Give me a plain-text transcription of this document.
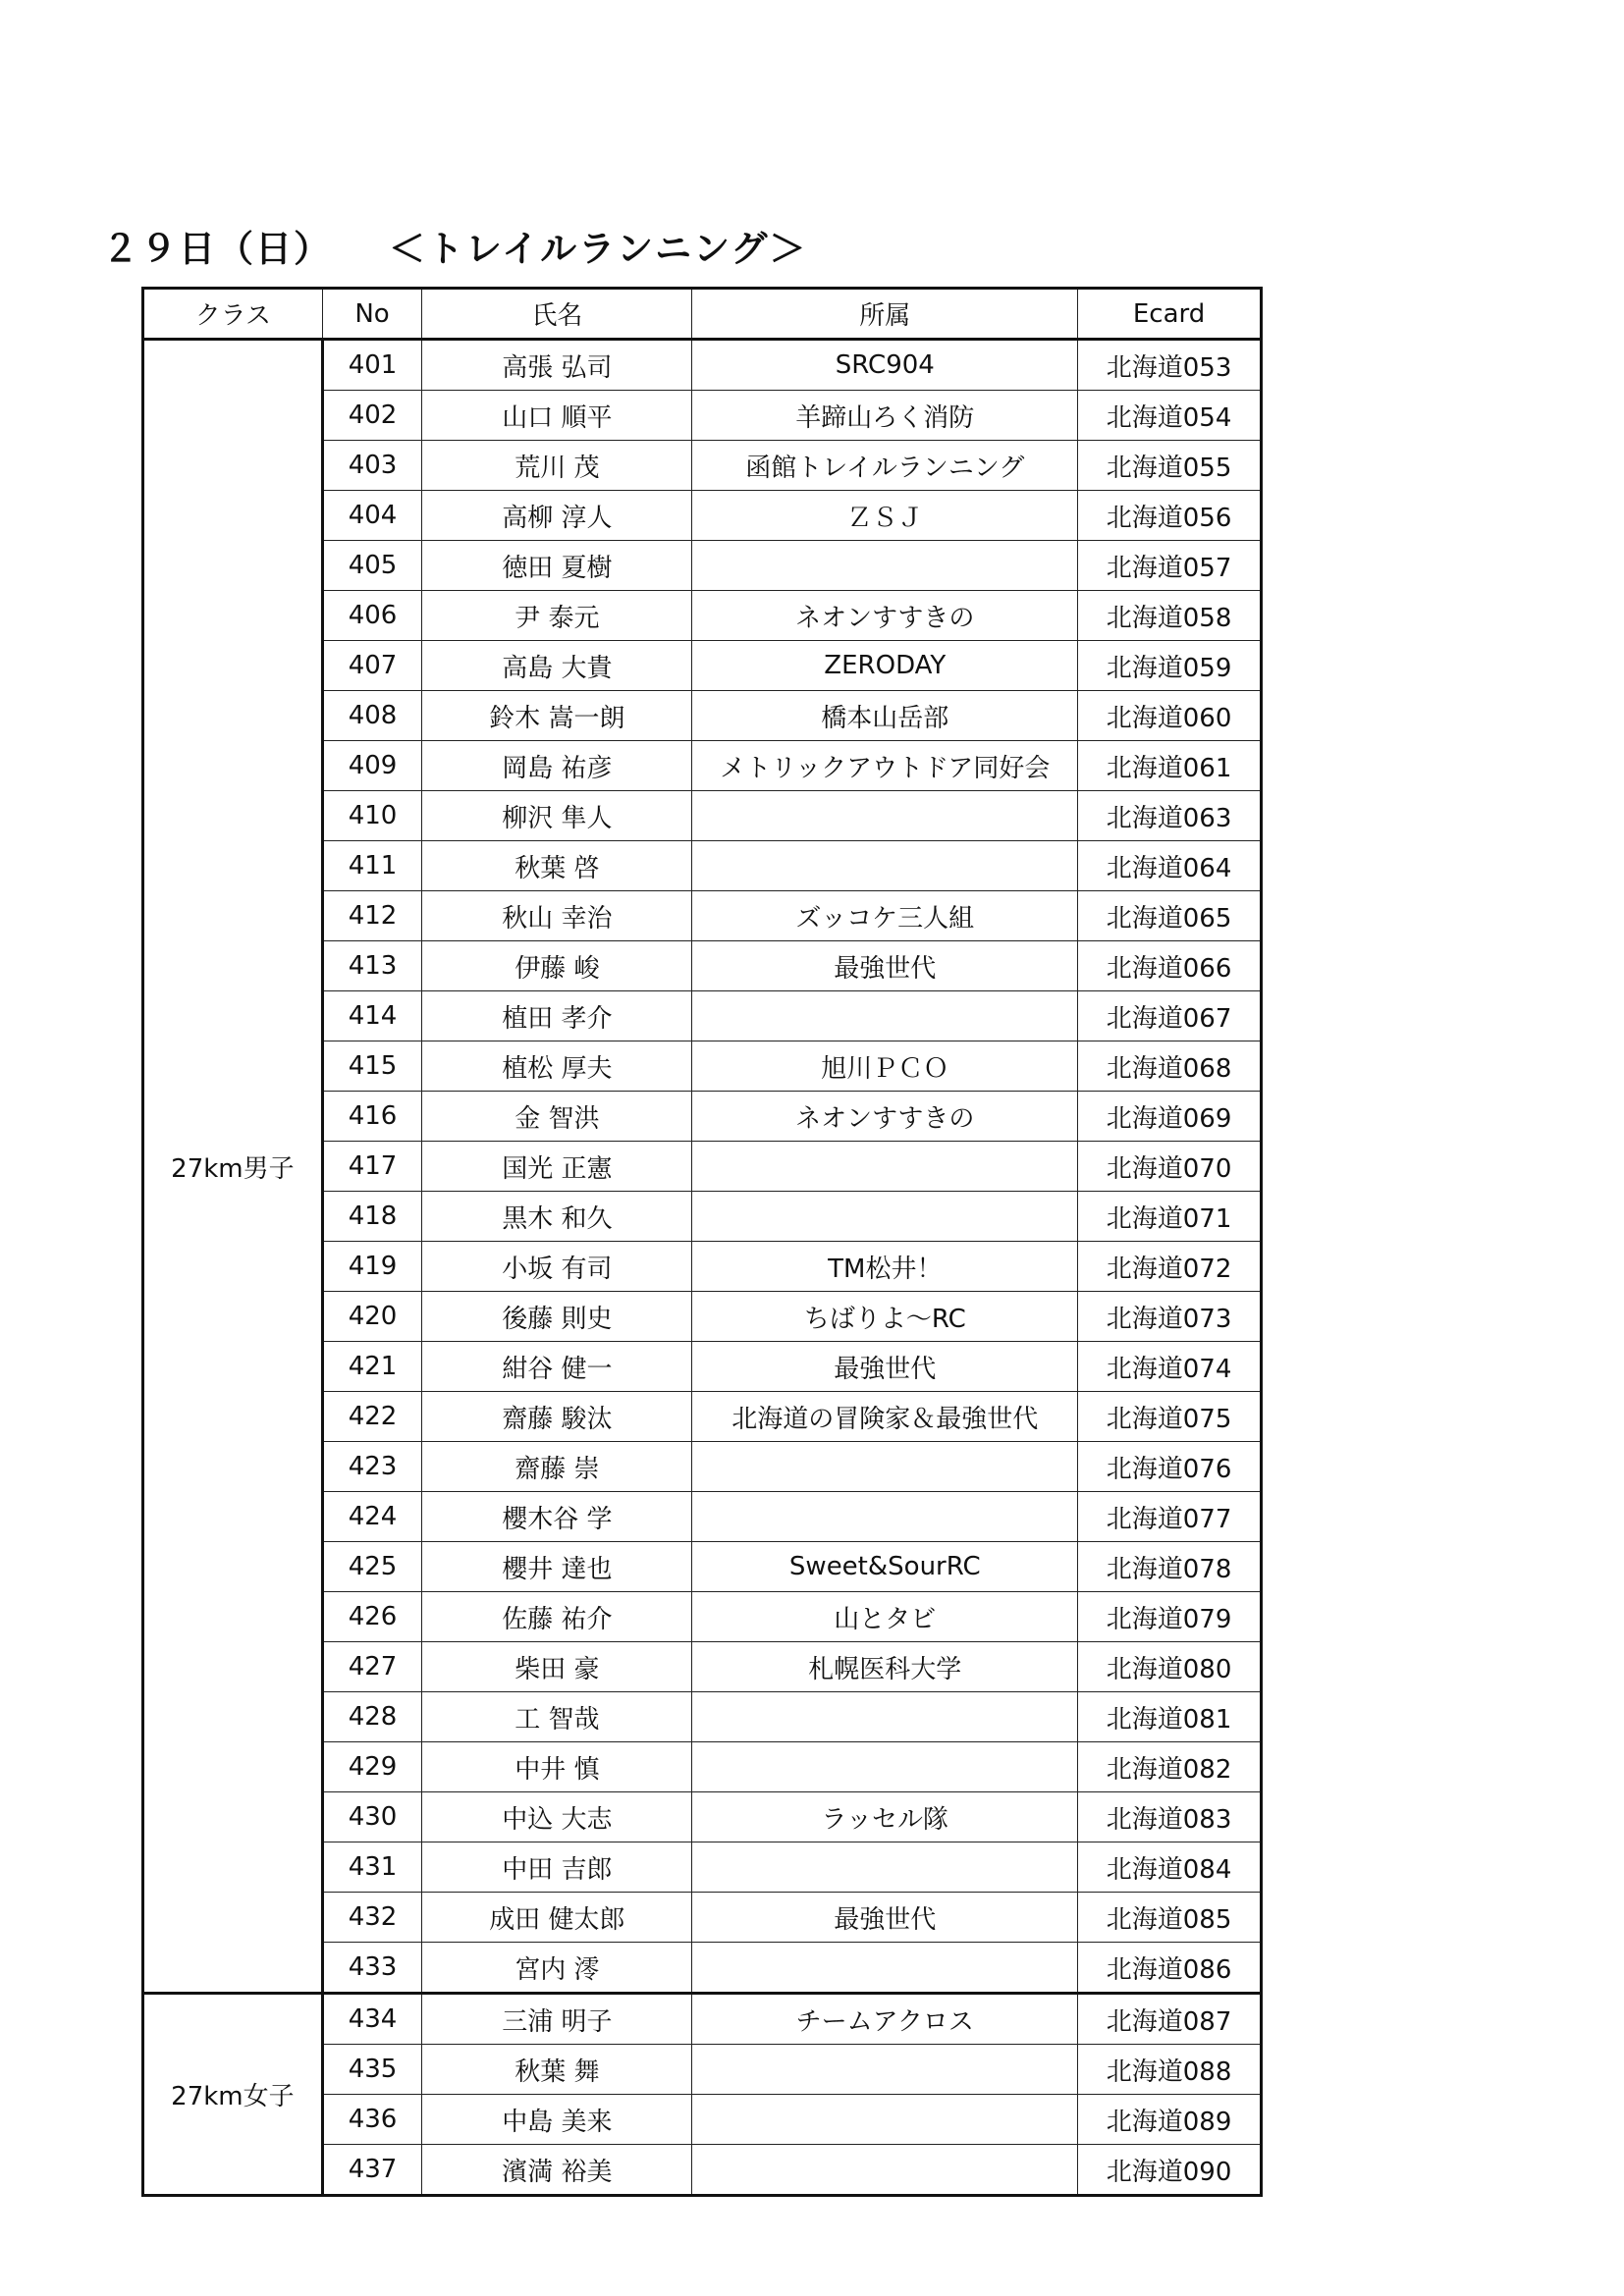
２９日（日）	＜トレイルランニング＞
クラス	No	氏名	所属	Ecard
27km男子	401	高張 弘司	SRC904	北海道053
	402	山口 順平	羊蹄山ろく消防	北海道054
	403	荒川 茂	函館トレイルランニング	北海道055
	404	高柳 淳人	ＺＳＪ	北海道056
	405	徳田 夏樹		北海道057
	406	尹 泰元	ネオンすすきの	北海道058
	407	高島 大貴	ZERODAY	北海道059
	408	鈴木 嵩一朗	橋本山岳部	北海道060
	409	岡島 祐彦	メトリックアウトドア同好会	北海道061
	410	柳沢 隼人		北海道063
	411	秋葉 啓		北海道064
	412	秋山 幸治	ズッコケ三人組	北海道065
	413	伊藤 峻	最強世代	北海道066
	414	植田 孝介		北海道067
	415	植松 厚夫	旭川ＰＣＯ	北海道068
	416	金 智洪	ネオンすすきの	北海道069
	417	国光 正憲		北海道070
	418	黒木 和久		北海道071
	419	小坂 有司	TM松井！	北海道072
	420	後藤 則史	ちばりよ～RC	北海道073
	421	紺谷 健一	最強世代	北海道074
	422	齋藤 駿汰	北海道の冒険家＆最強世代	北海道075
	423	齋藤 崇		北海道076
	424	櫻木谷 学		北海道077
	425	櫻井 達也	Sweet&SourRC	北海道078
	426	佐藤 祐介	山とタビ	北海道079
	427	柴田 豪	札幌医科大学	北海道080
	428	工 智哉		北海道081
	429	中井 慎		北海道082
	430	中込 大志	ラッセル隊	北海道083
	431	中田 吉郎		北海道084
	432	成田 健太郎	最強世代	北海道085
	433	宮内 澪		北海道086
27km女子	434	三浦 明子	チームアクロス	北海道087
	435	秋葉 舞		北海道088
	436	中島 美来		北海道089
	437	濱満 裕美		北海道090
